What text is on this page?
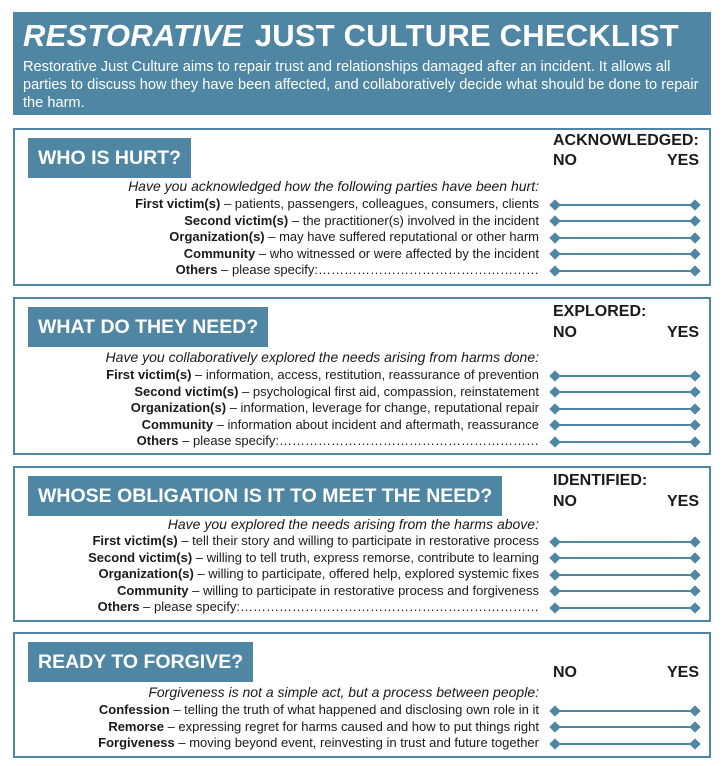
RESTORATIVE JUST CULTURE CHECKLIST
Restorative Just Culture aims to repair trust and relationships damaged after an incident. It allows all parties to discuss how they have been affected, and collaboratively decide what should be done to repair the harm.
WHO IS HURT?
ACKNOWLEDGED:
NO	YES
Have you acknowledged how the following parties have been hurt:
First victim(s) – patients, passengers, colleagues, consumers, clients
Second victim(s) – the practitioner(s) involved in the incident
Organization(s) – may have suffered reputational or other harm
Community – who witnessed or were affected by the incident
Others – please specify:……………………………………………
WHAT DO THEY NEED?
EXPLORED:
NO	YES
Have you collaboratively explored the needs arising from harms done:
First victim(s) – information, access, restitution, reassurance of prevention
Second victim(s) – psychological first aid, compassion, reinstatement
Organization(s) – information, leverage for change, reputational repair
Community – information about incident and aftermath, reassurance
Others – please specify:……………………………………………………
WHOSE OBLIGATION IS IT TO MEET THE NEED?
IDENTIFIED:
NO	YES
Have you explored the needs arising from the harms above:
First victim(s) – tell their story and willing to participate in restorative process
Second victim(s) – willing to tell truth, express remorse, contribute to learning
Organization(s) – willing to participate, offered help, explored systemic fixes
Community – willing to participate in restorative process and forgiveness
Others – please specify:……………………………………………………………
READY TO FORGIVE?	NO	YES
Forgiveness is not a simple act, but a process between people:
Confession – telling the truth of what happened and disclosing own role in it
Remorse – expressing regret for harms caused and how to put things right
Forgiveness – moving beyond event, reinvesting in trust and future together
